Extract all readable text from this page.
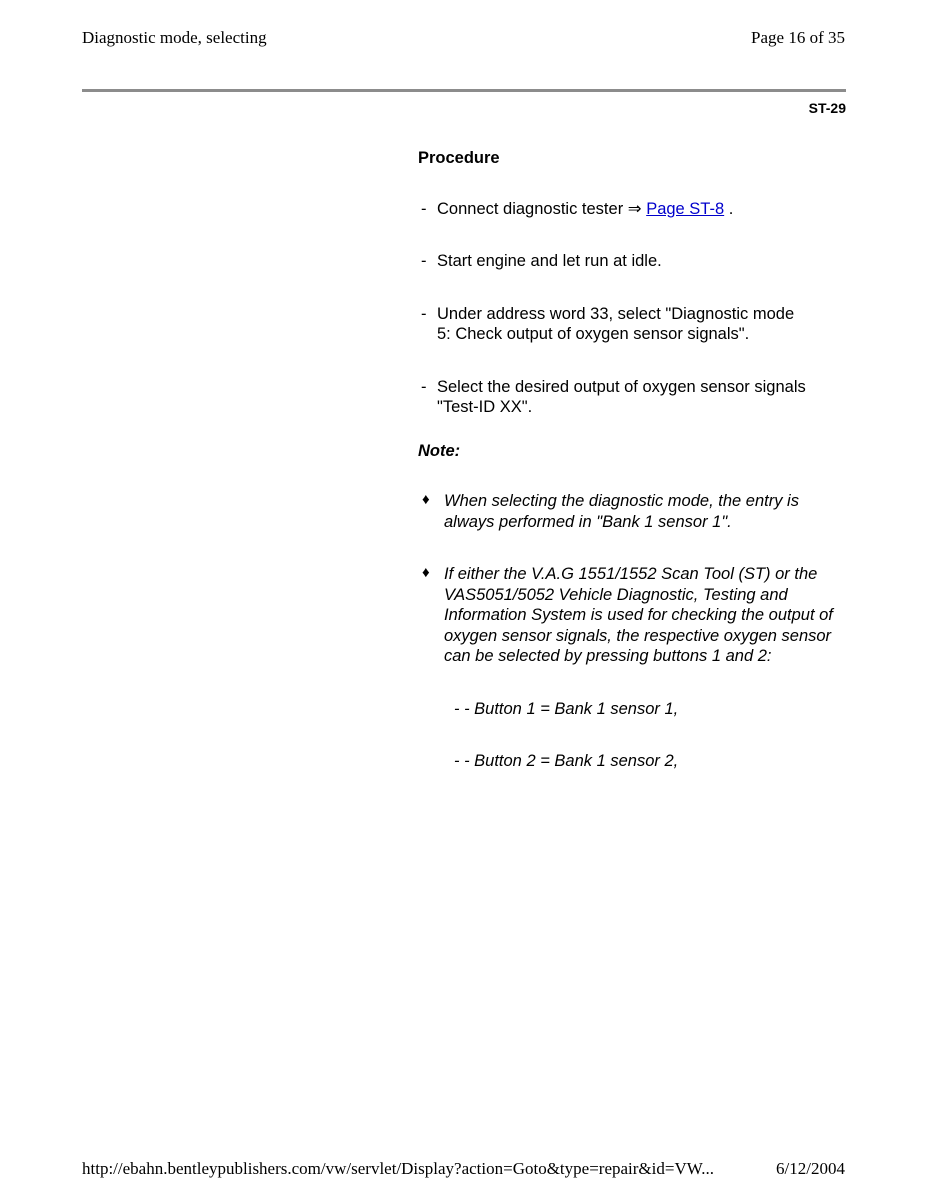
Diagnostic mode, selecting	Page 16 of 35
ST-29

Procedure

- Connect diagnostic tester ⇒ Page ST-8 .

- Start engine and let run at idle.

- Under address word 33, select "Diagnostic mode 5: Check output of oxygen sensor signals".

- Select the desired output of oxygen sensor signals "Test-ID XX".

Note:

♦ When selecting the diagnostic mode, the entry is always performed in "Bank 1 sensor 1".

♦ If either the V.A.G 1551/1552 Scan Tool (ST) or the VAS5051/5052 Vehicle Diagnostic, Testing and Information System is used for checking the output of oxygen sensor signals, the respective oxygen sensor can be selected by pressing buttons 1 and 2:

- - Button 1 = Bank 1 sensor 1,

- - Button 2 = Bank 1 sensor 2,

http://ebahn.bentleypublishers.com/vw/servlet/Display?action=Goto&type=repair&id=VW...	6/12/2004
